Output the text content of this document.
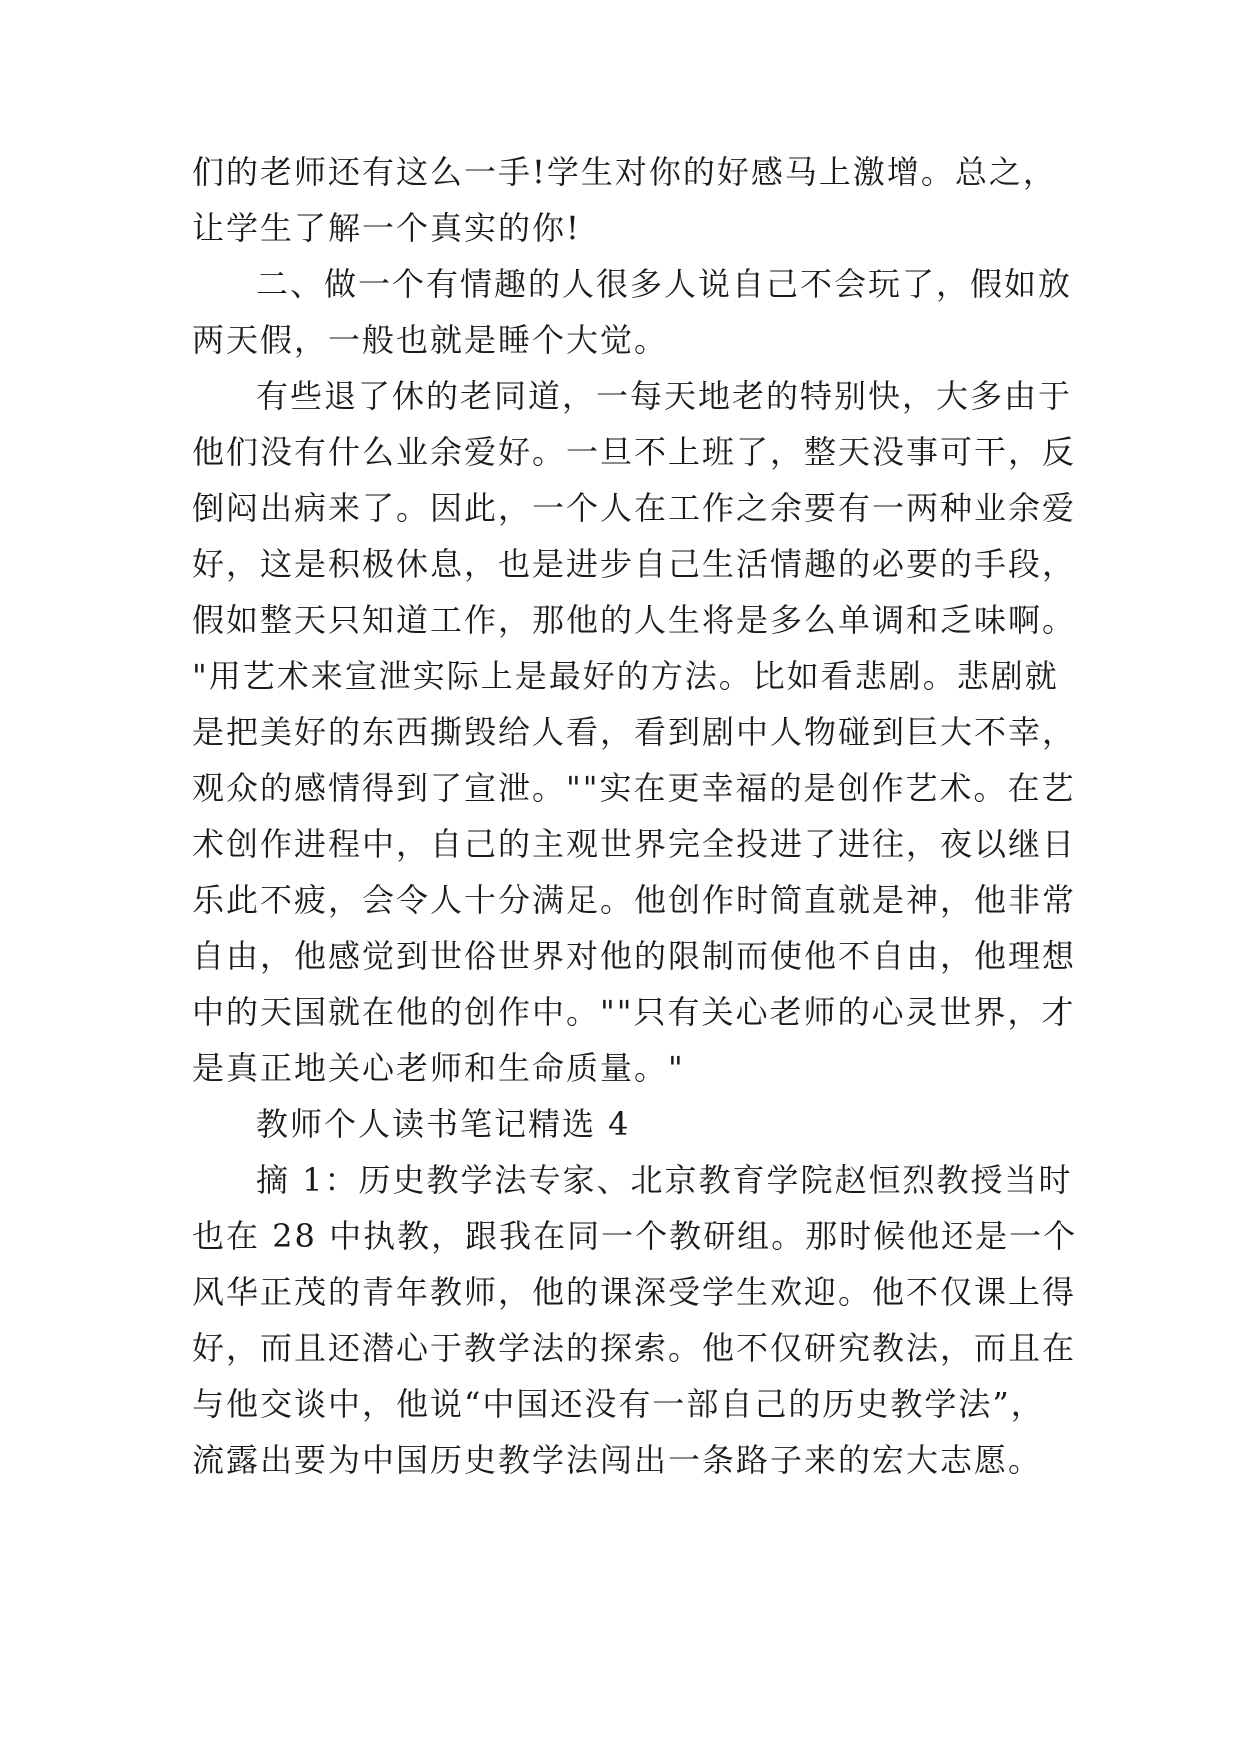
们的老师还有这么一手!学生对你的好感马上激增。总之，
让学生了解一个真实的你!
二、做一个有情趣的人很多人说自己不会玩了，假如放
两天假，一般也就是睡个大觉。
有些退了休的老同道，一每天地老的特别快，大多由于
他们没有什么业余爱好。一旦不上班了，整天没事可干，反
倒闷出病来了。因此，一个人在工作之余要有一两种业余爱
好，这是积极休息，也是进步自己生活情趣的必要的手段，
假如整天只知道工作，那他的人生将是多么单调和乏味啊。
"用艺术来宣泄实际上是最好的方法。比如看悲剧。悲剧就
是把美好的东西撕毁给人看，看到剧中人物碰到巨大不幸，
观众的感情得到了宣泄。""实在更幸福的是创作艺术。在艺
术创作进程中，自己的主观世界完全投进了进往，夜以继日
乐此不疲，会令人十分满足。他创作时简直就是神，他非常
自由，他感觉到世俗世界对他的限制而使他不自由，他理想
中的天国就在他的创作中。""只有关心老师的心灵世界，才
是真正地关心老师和生命质量。"
教师个人读书笔记精选 4
摘 1：历史教学法专家、北京教育学院赵恒烈教授当时
也在 28 中执教，跟我在同一个教研组。那时候他还是一个
风华正茂的青年教师，他的课深受学生欢迎。他不仅课上得
好，而且还潜心于教学法的探索。他不仅研究教法，而且在
与他交谈中，他说“中国还没有一部自己的历史教学法”，
流露出要为中国历史教学法闯出一条路子来的宏大志愿。
